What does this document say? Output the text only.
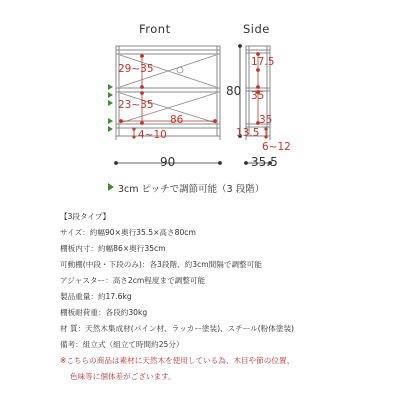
Front	Side
29~35
23~35
86
4~10
90
80
17.5
35
35
13.5
6~12
35.5
3cm ピッチで調節可能（3 段階）
【3段タイプ】
サイズ：約幅90×奥行35.5×高さ80cm
棚板内寸：約幅86×奥行35cm
可動棚(中段・下段のみ)：各3段階、約3cm間隔で調整可能
アジャスター：高さ2cm程度まで調整可能
製品重量：約17.6kg
棚板耐荷重：各段約30kg
材 質：天然木集成材(パイン材、ラッカー塗装)、スチール(粉体塗装)
備考：組立式（組立て時間約25分）
※こちらの商品は素材に天然木を使用している為、木目や節の位置、
色味等に個体差がございます。
